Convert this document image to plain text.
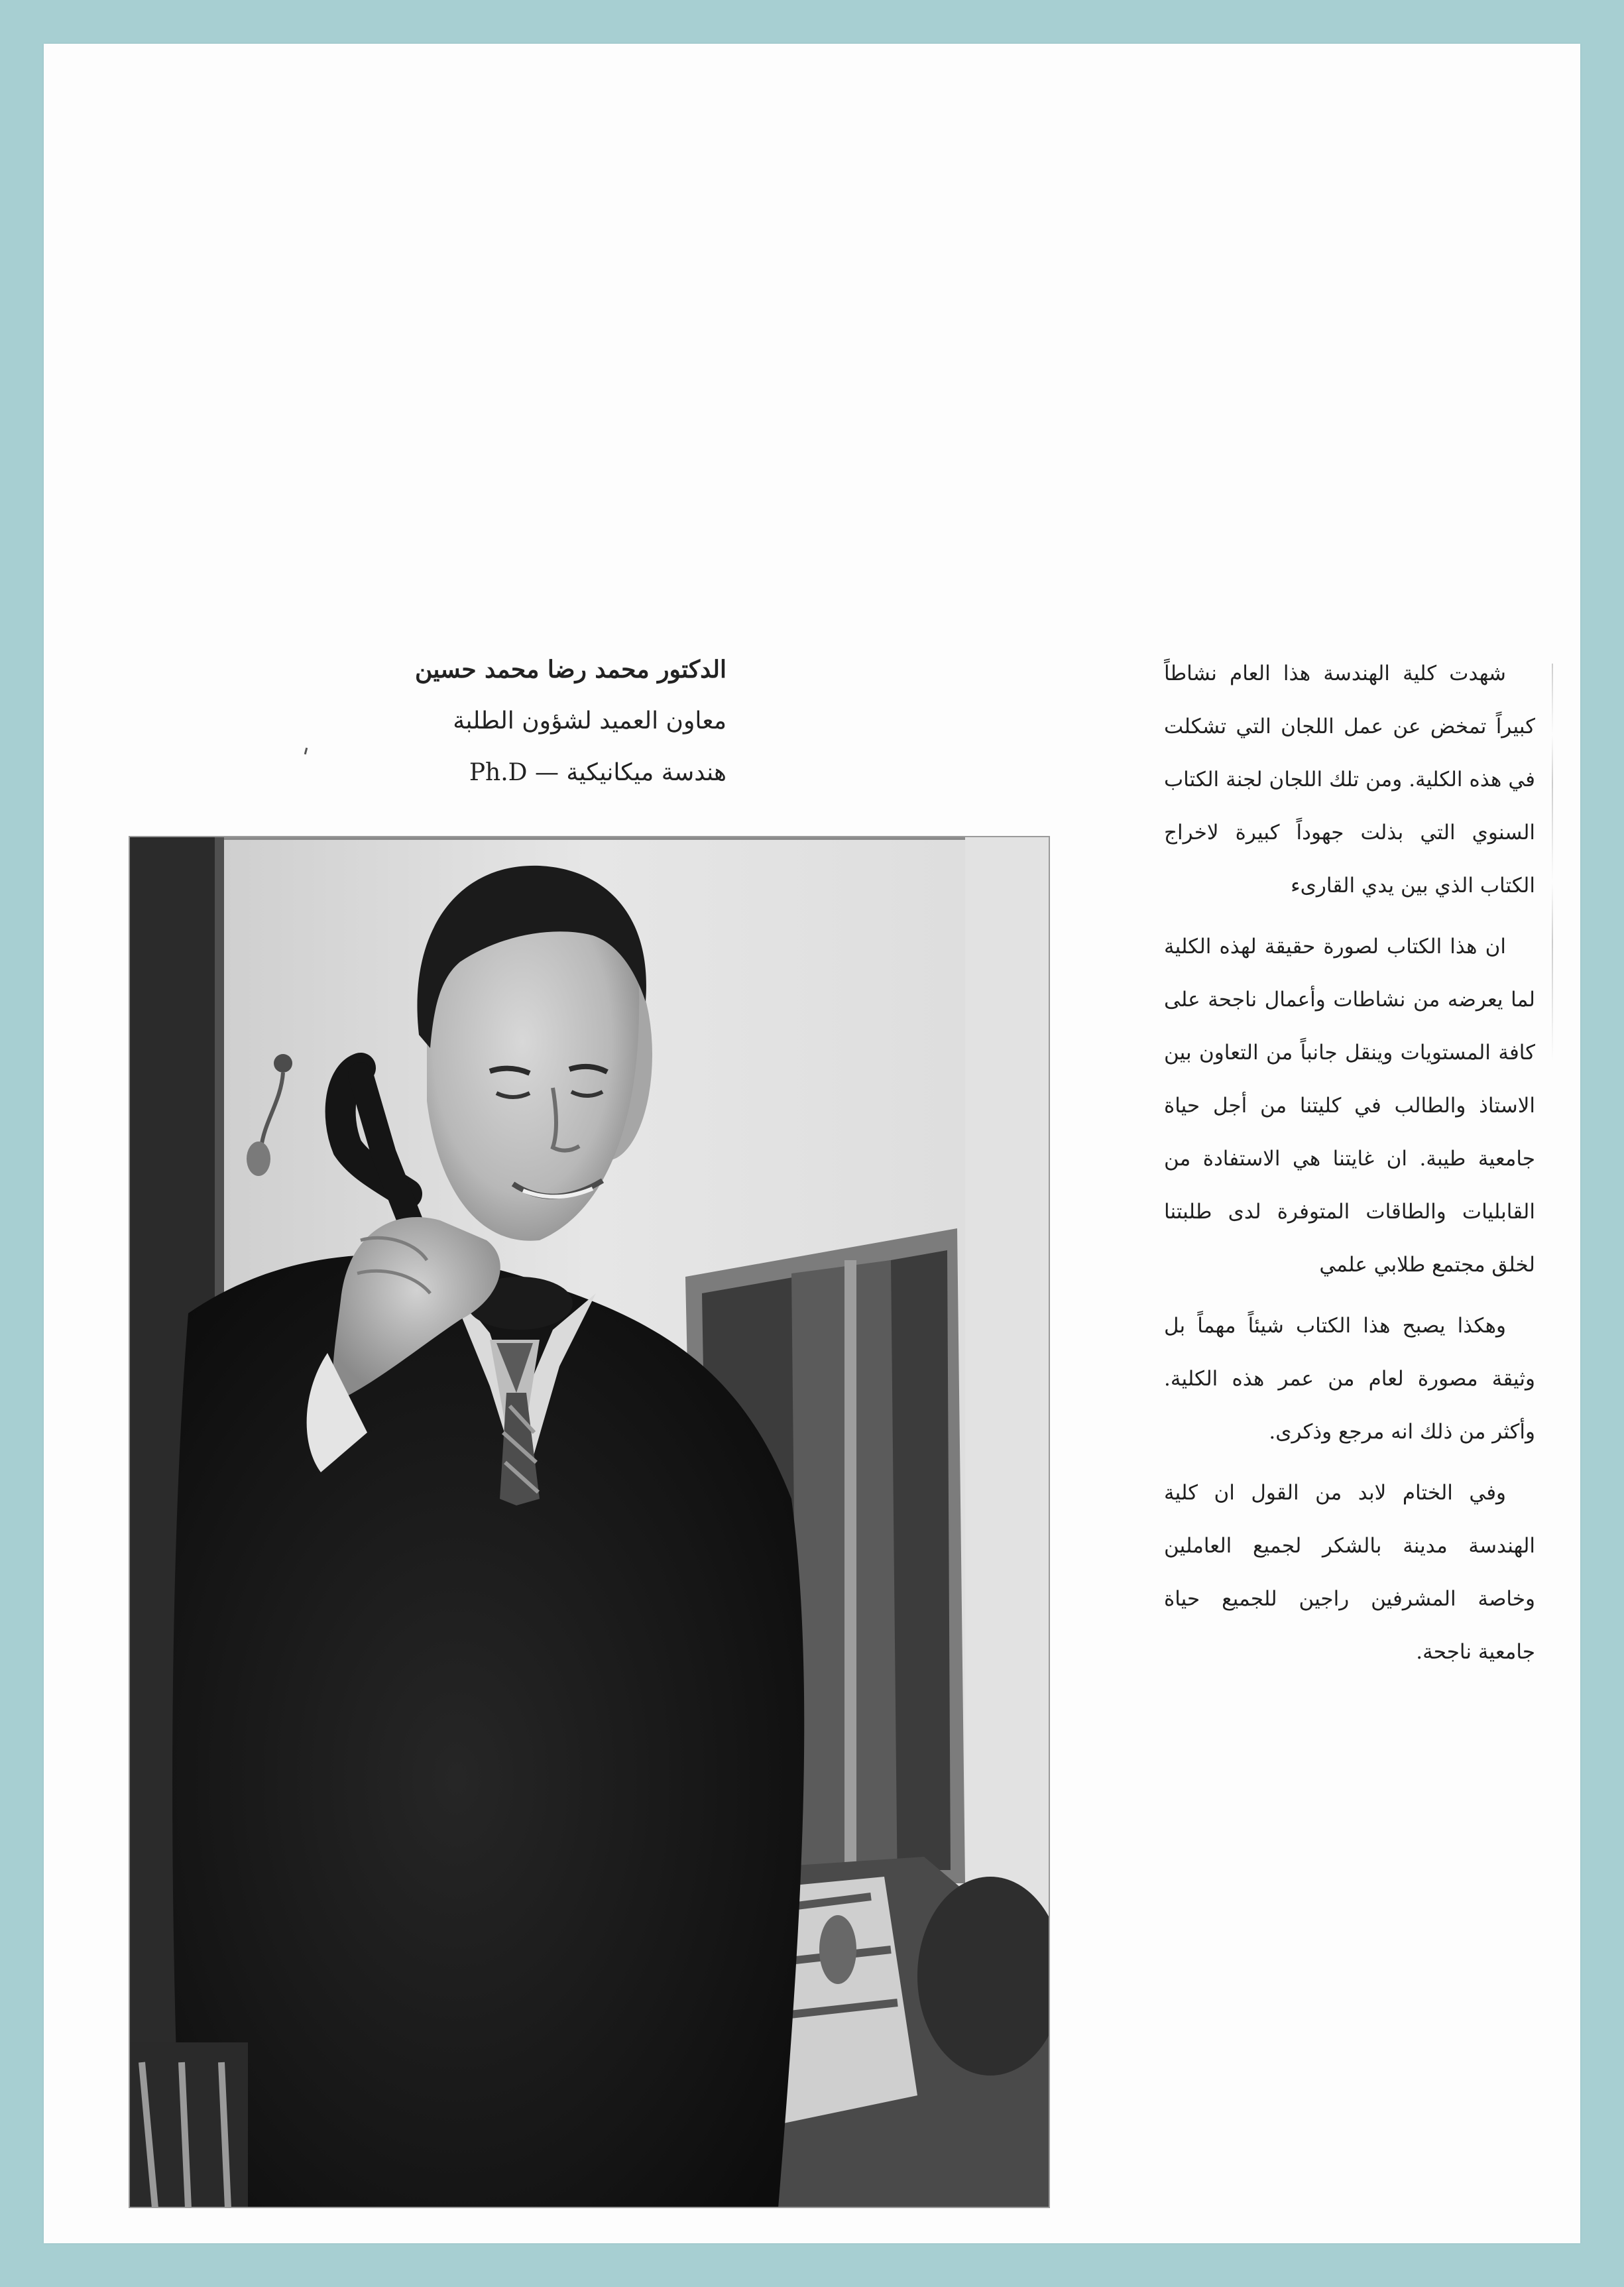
الدكتور محمد رضا محمد حسين
معاون العميد لشؤون الطلبة
هندسة ميكانيكية — Ph.D

شهدت كلية الهندسة هذا العام نشاطاً كبيراً تمخض عن عمل اللجان التي تشكلت في هذه الكلية. ومن تلك اللجان لجنة الكتاب السنوي التي بذلت جهوداً كبيرة لاخراج الكتاب الذي بين يدي القارىء

ان هذا الكتاب لصورة حقيقة لهذه الكلية لما يعرضه من نشاطات وأعمال ناجحة على كافة المستويات وينقل جانباً من التعاون بين الاستاذ والطالب في كليتنا من أجل حياة جامعية طيبة. ان غايتنا هي الاستفادة من القابليات والطاقات المتوفرة لدى طلبتنا لخلق مجتمع طلابي علمي

وهكذا يصبح هذا الكتاب شيئاً مهماً بل وثيقة مصورة لعام من عمر هذه الكلية. وأكثر من ذلك انه مرجع وذكرى.

وفي الختام لابد من القول ان كلية الهندسة مدينة بالشكر لجميع العاملين وخاصة المشرفين راجين للجميع حياة جامعية ناجحة.
